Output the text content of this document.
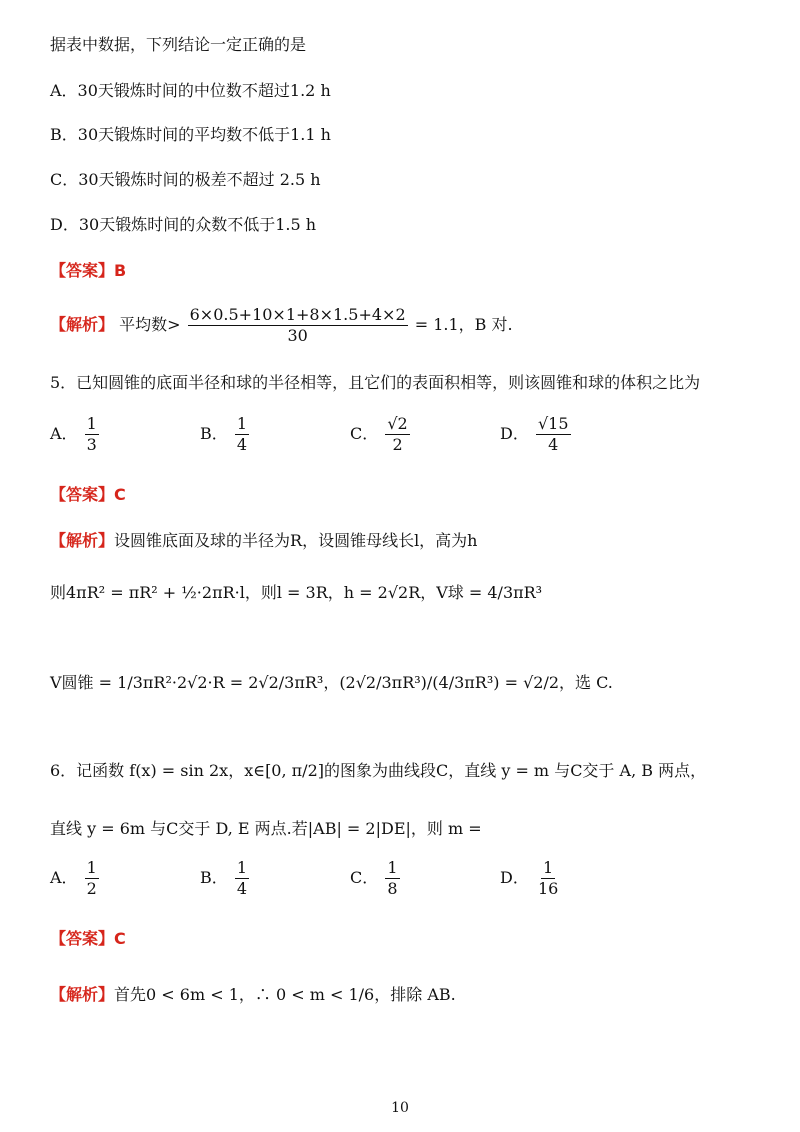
据表中数据，下列结论一定正确的是
A．30天锻炼时间的中位数不超过1.2 h
B．30天锻炼时间的平均数不低于1.1 h
C．30天锻炼时间的极差不超过 2.5 h
D．30天锻炼时间的众数不低于1.5 h
【答案】B
【解析】 平均数> $\frac{6\times 0.5+10\times 1+8\times 1.5+4\times 2}{30} = 1.1$，B 对.
5．已知圆锥的底面半径和球的半径相等，且它们的表面积相等，则该圆锥和球的体积之比为
A． $\frac{1}{3}$	B． $\frac{1}{4}$	C． $\frac{√2}{2}$	D． $\frac{√15}{4}$
【答案】C
【解析】设圆锥底面及球的半径为R，设圆锥母线长l，高为h
则4πR² = πR² + ½·2πR·l，则l = 3R，h = 2√2R，V球 = 4/3πR³
V圆锥 = 1/3πR²·2√2·R = 2√2/3πR³，(2√2/3πR³)/(4/3πR³) = √2/2，选 C.
6．记函数 f(x) = sin 2x，x∈[0, π/2]的图象为曲线段C，直线 y = m 与C交于 A, B 两点，
直线 y = 6m 与C交于 D, E 两点.若|AB| = 2|DE|，则 m =
A． $\frac{1}{2}$	B． $\frac{1}{4}$	C． $\frac{1}{8}$	D． $\frac{1}{16}$
【答案】C
【解析】首先0 < 6m < 1，∴ 0 < m < 1/6，排除 AB.
10
